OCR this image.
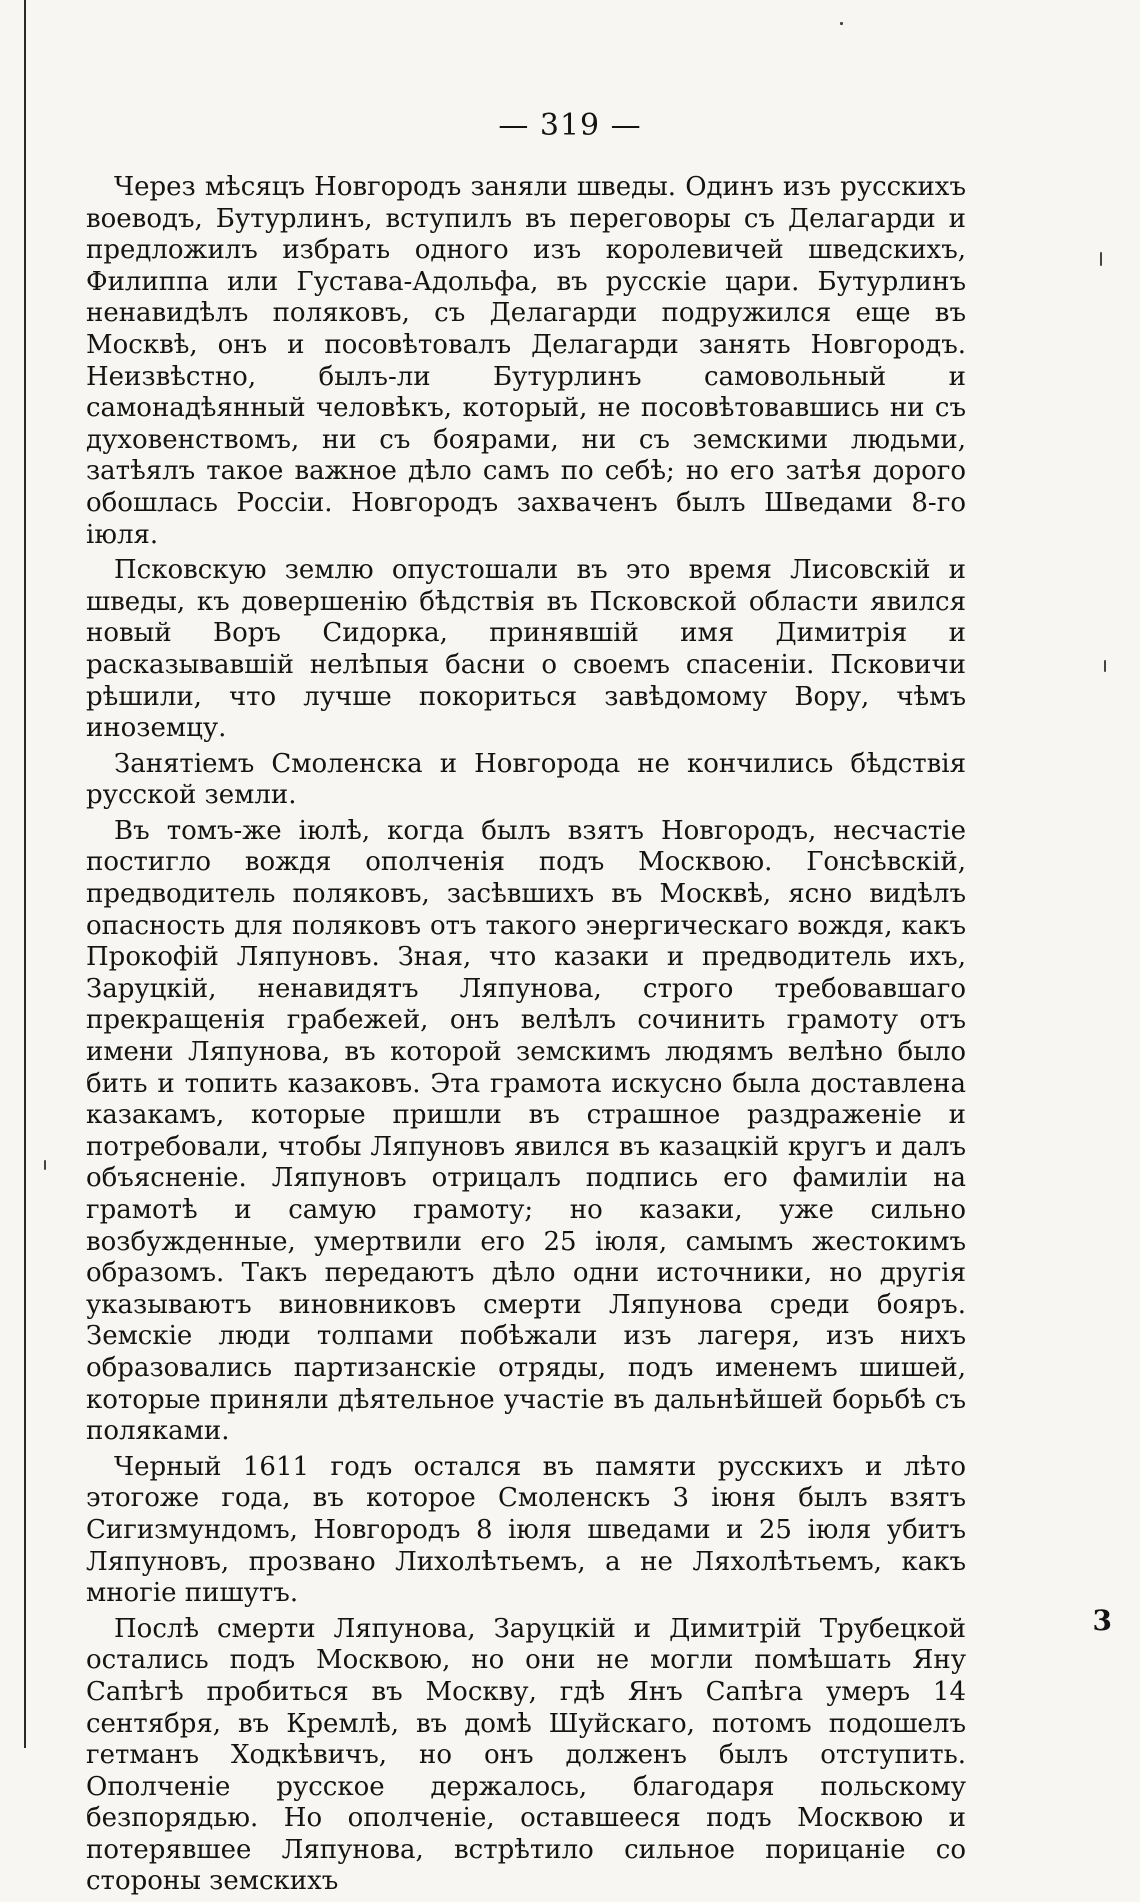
— 319 —

Через мѣсяцъ Новгородъ заняли шведы. Одинъ изъ русскихъ воеводъ, Бутурлинъ, вступилъ въ переговоры съ Делагарди и предложилъ избрать одного изъ королевичей шведскихъ, Филиппа или Густава-Адольфа, въ русскіе цари. Бутурлинъ ненавидѣлъ поляковъ, съ Делагарди подружился еще въ Москвѣ, онъ и посовѣтовалъ Делагарди занять Новгородъ. Неизвѣстно, былъ-ли Бутурлинъ самовольный и самонадѣянный человѣкъ, который, не посовѣтовавшись ни съ духовенствомъ, ни съ боярами, ни съ земскими людьми, затѣялъ такое важное дѣло самъ по себѣ; но его затѣя дорого обошлась Россіи. Новгородъ захваченъ былъ Шведами 8-го іюля.

Псковскую землю опустошали въ это время Лисовскій и шведы, къ довершенію бѣдствія въ Псковской области явился новый Воръ Сидорка, принявшій имя Димитрія и расказывавшій нелѣпыя басни о своемъ спасеніи. Псковичи рѣшили, что лучше покориться завѣдомому Вору, чѣмъ иноземцу.

Занятіемъ Смоленска и Новгорода не кончились бѣдствія русской земли.

Въ томъ-же іюлѣ, когда былъ взятъ Новгородъ, несчастіе постигло вождя ополченія подъ Москвою. Гонсѣвскій, предводитель поляковъ, засѣвшихъ въ Москвѣ, ясно видѣлъ опасность для поляковъ отъ такого энергическаго вождя, какъ Прокофій Ляпуновъ. Зная, что казаки и предводитель ихъ, Заруцкій, ненавидятъ Ляпунова, строго требовавшаго прекращенія грабежей, онъ велѣлъ сочинить грамоту отъ имени Ляпунова, въ которой земскимъ людямъ велѣно было бить и топить казаковъ. Эта грамота искусно была доставлена казакамъ, которые пришли въ страшное раздраженіе и потребовали, чтобы Ляпуновъ явился въ казацкій кругъ и далъ объясненіе. Ляпуновъ отрицалъ подпись его фамиліи на грамотѣ и самую грамоту; но казаки, уже сильно возбужденные, умертвили его 25 іюля, самымъ жестокимъ образомъ. Такъ передаютъ дѣло одни источники, но другія указываютъ виновниковъ смерти Ляпунова среди бояръ. Земскіе люди толпами побѣжали изъ лагеря, изъ нихъ образовались партизанскіе отряды, подъ именемъ шишей, которые приняли дѣятельное участіе въ дальнѣйшей борьбѣ съ поляками.

Черный 1611 годъ остался въ памяти русскихъ и лѣто этогоже года, въ которое Смоленскъ 3 іюня былъ взятъ Сигизмундомъ, Новгородъ 8 іюля шведами и 25 іюля убитъ Ляпуновъ, прозвано Лихолѣтьемъ, а не Ляхолѣтьемъ, какъ многіе пишутъ.

Послѣ смерти Ляпунова, Заруцкій и Димитрій Трубецкой остались подъ Москвою, но они не могли помѣшать Яну Сапѣгѣ пробиться въ Москву, гдѣ Янъ Сапѣга умеръ 14 сентября, въ Кремлѣ, въ домѣ Шуйскаго, потомъ подошелъ гетманъ Ходкѣвичъ, но онъ долженъ былъ отступить. Ополченіе русское держалось, благодаря польскому безпорядью. Но ополченіе, оставшееся подъ Москвою и потерявшее Ляпунова, встрѣтило сильное порицаніе со стороны земскихъ

3
